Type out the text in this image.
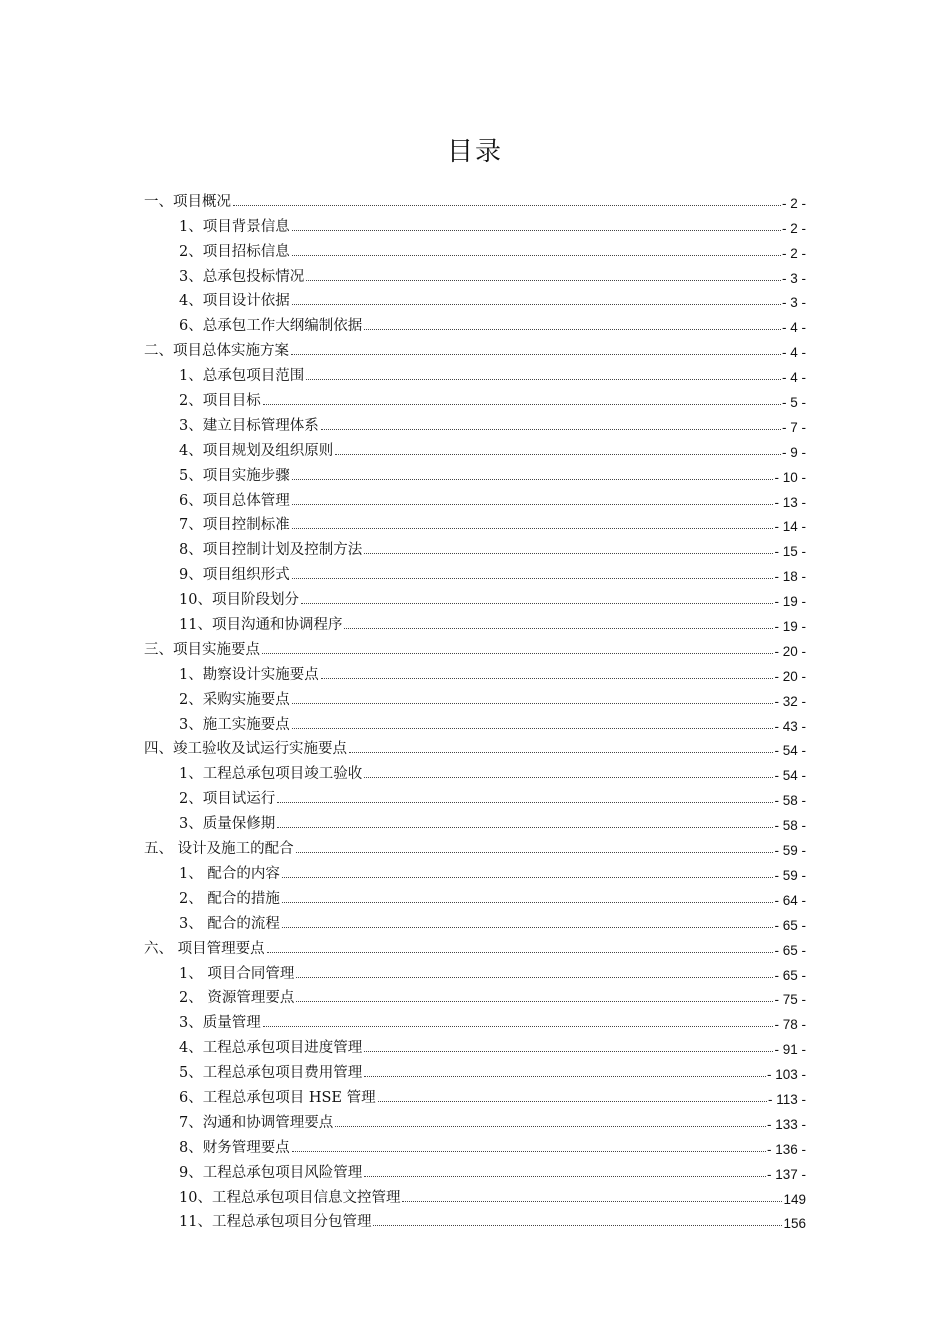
目录
一、项目概况	- 2 -
1、项目背景信息	- 2 -
2、项目招标信息	- 2 -
3、总承包投标情况	- 3 -
4、项目设计依据	- 3 -
6、总承包工作大纲编制依据	- 4 -
二、项目总体实施方案	- 4 -
1、总承包项目范围	- 4 -
2、项目目标	- 5 -
3、建立目标管理体系	- 7 -
4、项目规划及组织原则	- 9 -
5、项目实施步骤	- 10 -
6、项目总体管理	- 13 -
7、项目控制标准	- 14 -
8、项目控制计划及控制方法	- 15 -
9、项目组织形式	- 18 -
10、项目阶段划分	- 19 -
11、项目沟通和协调程序	- 19 -
三、项目实施要点	- 20 -
1、勘察设计实施要点	- 20 -
2、采购实施要点	- 32 -
3、施工实施要点	- 43 -
四、竣工验收及试运行实施要点	- 54 -
1、工程总承包项目竣工验收	- 54 -
2、项目试运行	- 58 -
3、质量保修期	- 58 -
五、 设计及施工的配合	- 59 -
1、 配合的内容	- 59 -
2、 配合的措施	- 64 -
3、 配合的流程	- 65 -
六、 项目管理要点	- 65 -
1、 项目合同管理	- 65 -
2、 资源管理要点	- 75 -
3、质量管理	- 78 -
4、工程总承包项目进度管理	- 91 -
5、工程总承包项目费用管理	- 103 -
6、工程总承包项目 HSE 管理	- 113 -
7、沟通和协调管理要点	- 133 -
8、财务管理要点	- 136 -
9、工程总承包项目风险管理	- 137 -
10、工程总承包项目信息文控管理	149
11、工程总承包项目分包管理	156
